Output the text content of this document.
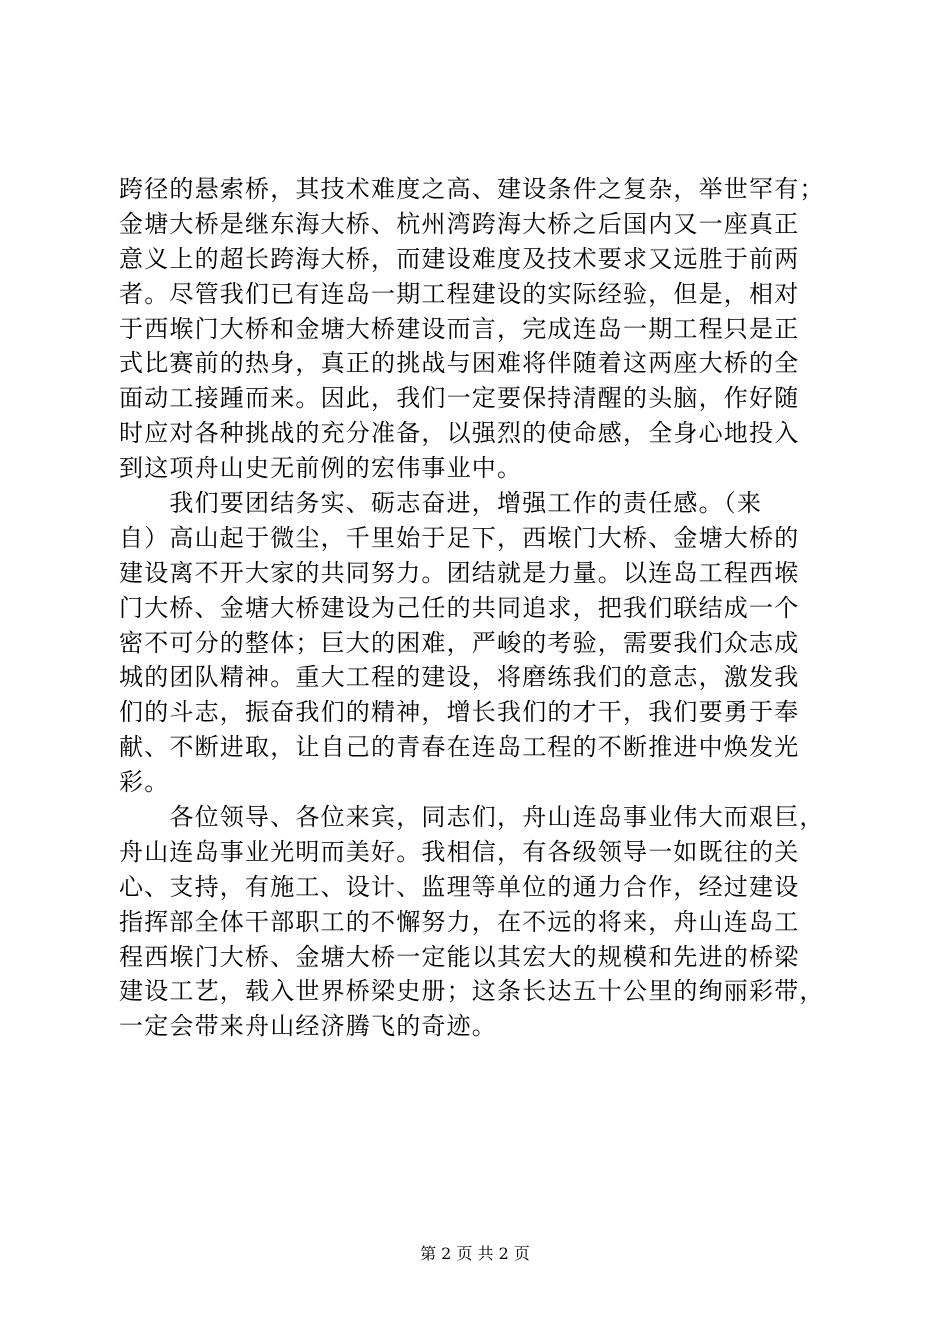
跨径的悬索桥，其技术难度之高、建设条件之复杂，举世罕有；
金塘大桥是继东海大桥、杭州湾跨海大桥之后国内又一座真正
意义上的超长跨海大桥，而建设难度及技术要求又远胜于前两
者。尽管我们已有连岛一期工程建设的实际经验，但是，相对
于西堠门大桥和金塘大桥建设而言，完成连岛一期工程只是正
式比赛前的热身，真正的挑战与困难将伴随着这两座大桥的全
面动工接踵而来。因此，我们一定要保持清醒的头脑，作好随
时应对各种挑战的充分准备，以强烈的使命感，全身心地投入
到这项舟山史无前例的宏伟事业中。
　　我们要团结务实、砺志奋进，增强工作的责任感。（来
自）高山起于微尘，千里始于足下，西堠门大桥、金塘大桥的
建设离不开大家的共同努力。团结就是力量。以连岛工程西堠
门大桥、金塘大桥建设为己任的共同追求，把我们联结成一个
密不可分的整体；巨大的困难，严峻的考验，需要我们众志成
城的团队精神。重大工程的建设，将磨练我们的意志，激发我
们的斗志，振奋我们的精神，增长我们的才干，我们要勇于奉
献、不断进取，让自己的青春在连岛工程的不断推进中焕发光
彩。
　　各位领导、各位来宾，同志们，舟山连岛事业伟大而艰巨，
舟山连岛事业光明而美好。我相信，有各级领导一如既往的关
心、支持，有施工、设计、监理等单位的通力合作，经过建设
指挥部全体干部职工的不懈努力，在不远的将来，舟山连岛工
程西堠门大桥、金塘大桥一定能以其宏大的规模和先进的桥梁
建设工艺，载入世界桥梁史册；这条长达五十公里的绚丽彩带，
一定会带来舟山经济腾飞的奇迹。
第 2 页 共 2 页
